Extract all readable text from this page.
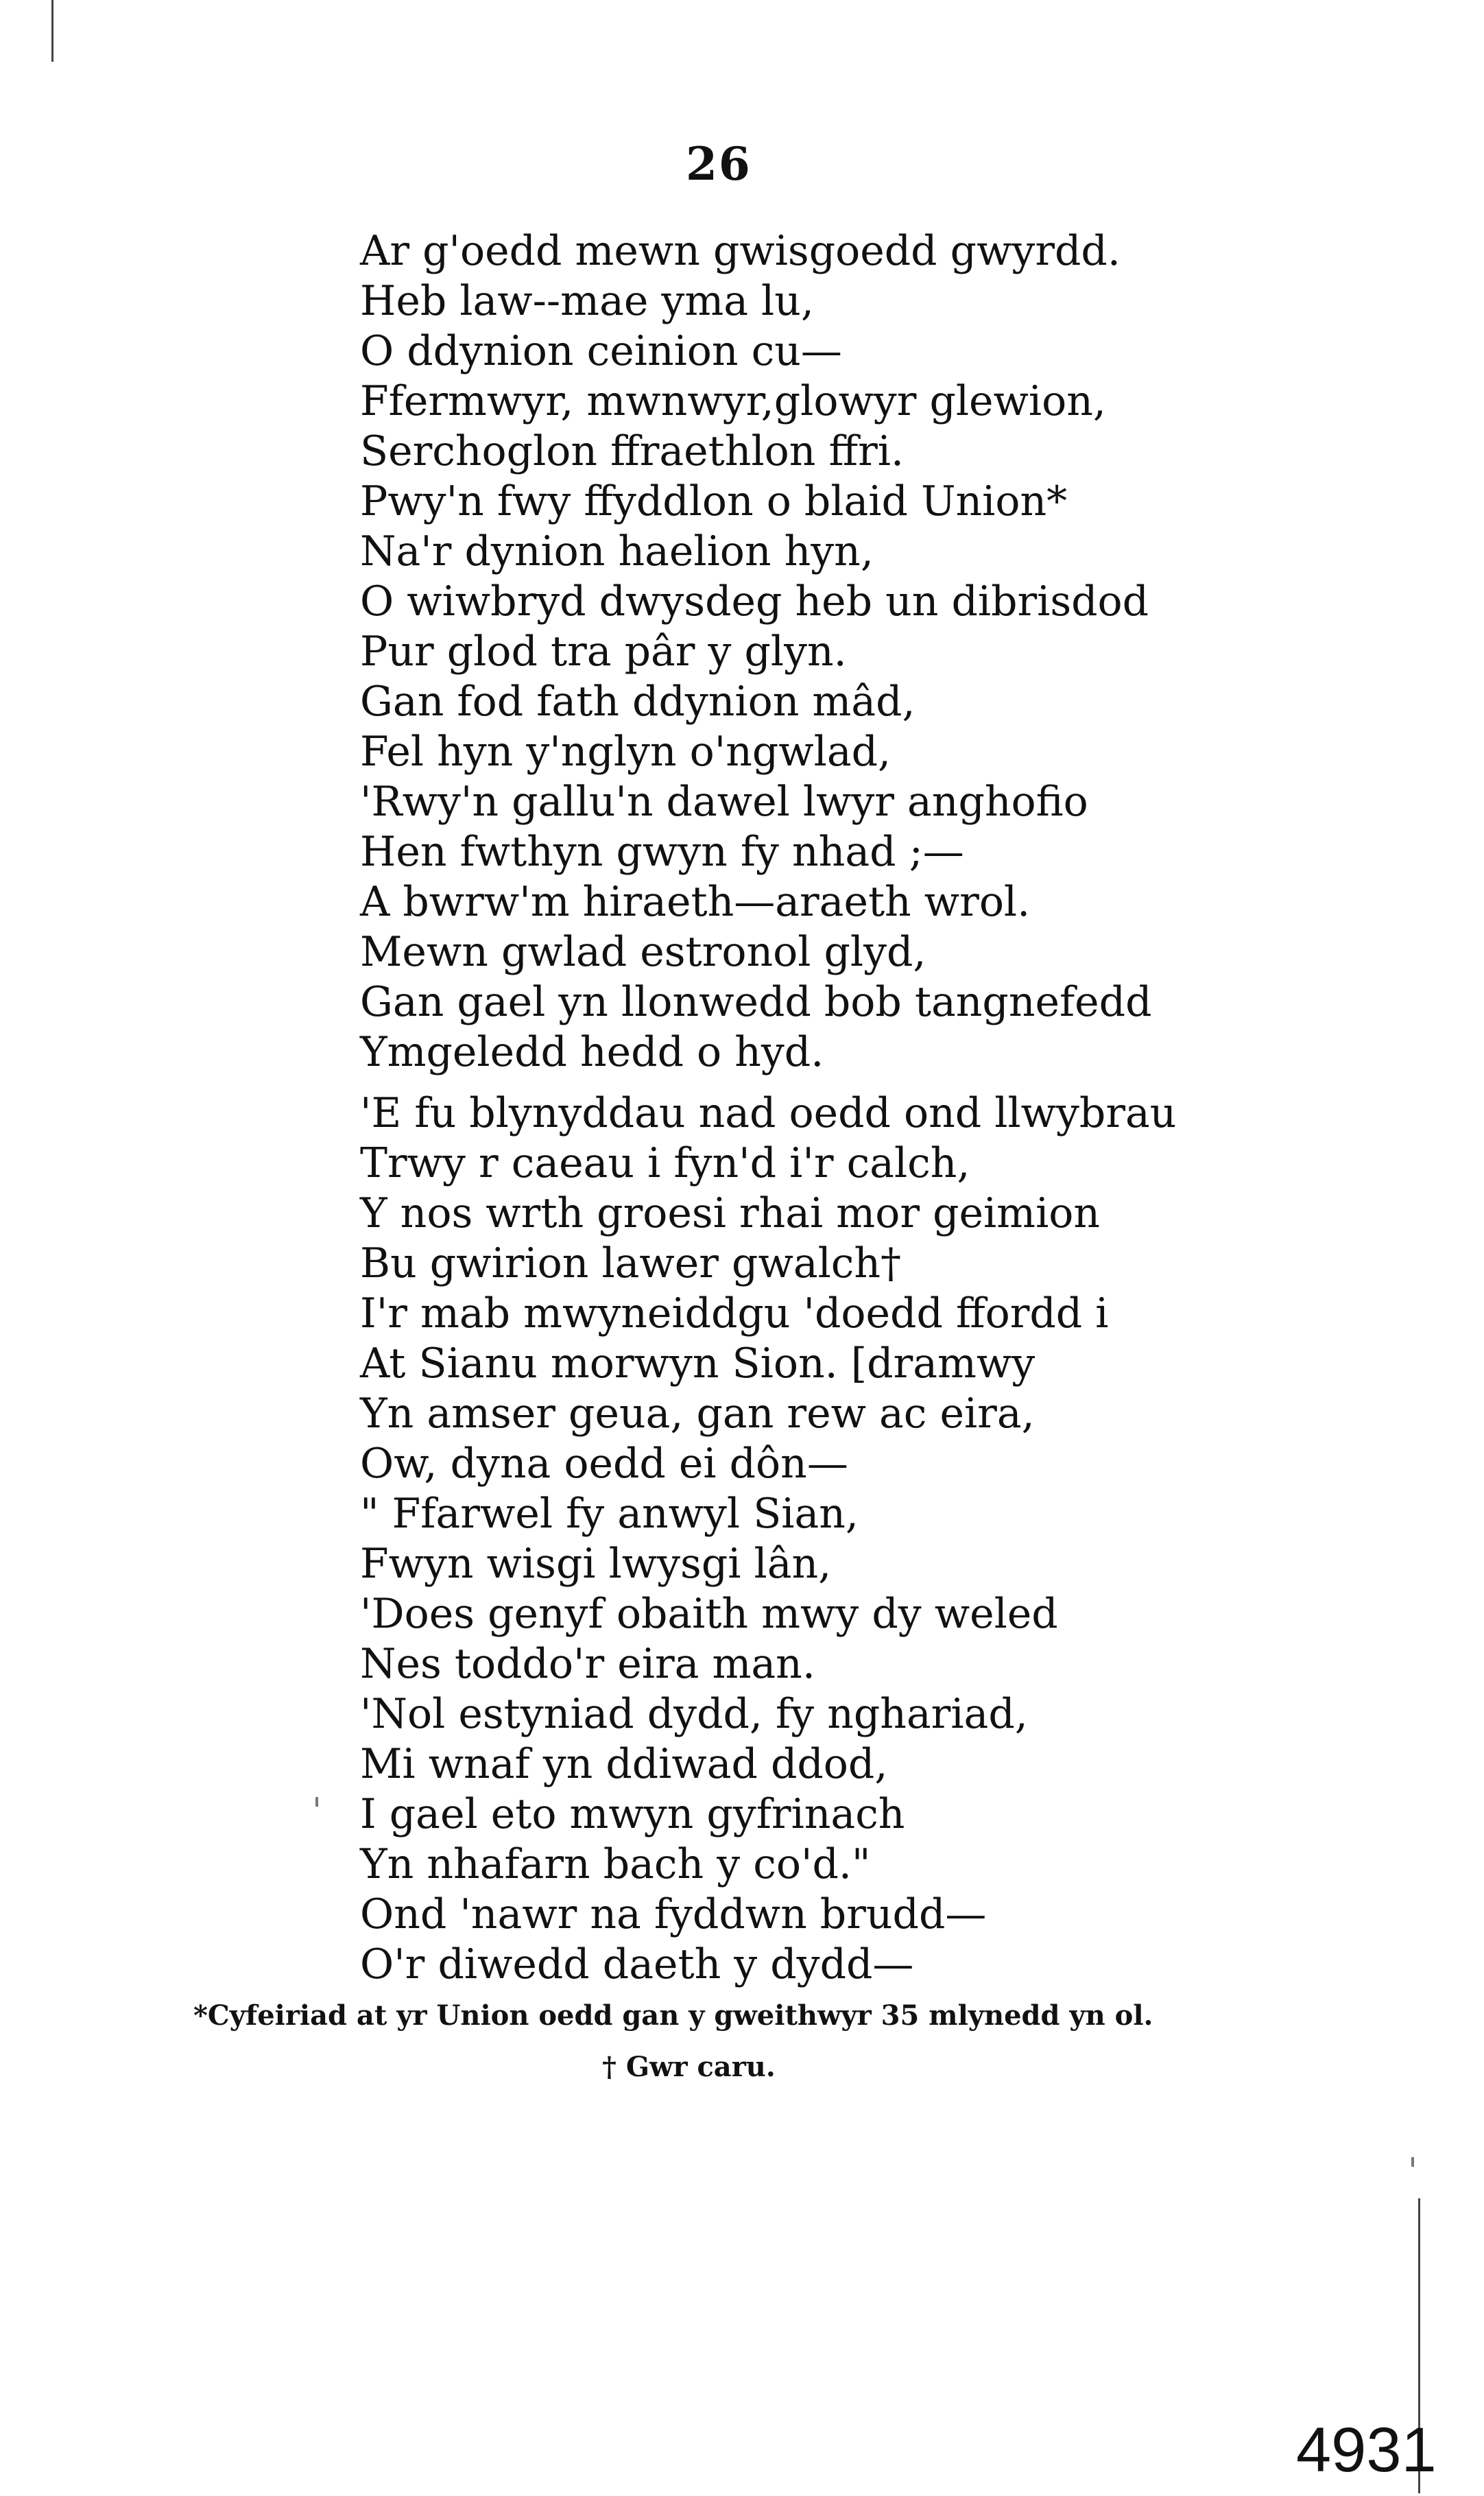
26
Ar g'oedd mewn gwisgoedd gwyrdd.
Heb law--mae yma lu,
O ddynion ceinion cu—
Ffermwyr, mwnwyr,glowyr glewion,
Serchoglon ffraethlon ffri.
Pwy'n fwy ffyddlon o blaid Union*
Na'r dynion haelion hyn,
O wiwbryd dwysdeg heb un dibrisdod
Pur glod tra pâr y glyn.
Gan fod fath ddynion mâd,
Fel hyn y'nglyn o'ngwlad,
'Rwy'n gallu'n dawel lwyr anghofio
Hen fwthyn gwyn fy nhad ;—
A bwrw'm hiraeth—araeth wrol.
Mewn gwlad estronol glyd,
Gan gael yn llonwedd bob tangnefedd
Ymgeledd hedd o hyd.
'E fu blynyddau nad oedd ond llwybrau
Trwy r caeau i fyn'd i'r calch,
Y nos wrth groesi rhai mor geimion
Bu gwirion lawer gwalch†
I'r mab mwyneiddgu 'doedd ffordd i
At Sianu morwyn Sion. [dramwy
Yn amser geua, gan rew ac eira,
Ow, dyna oedd ei dôn—
" Ffarwel fy anwyl Sian,
Fwyn wisgi lwysgi lân,
'Does genyf obaith mwy dy weled
Nes toddo'r eira man.
'Nol estyniad dydd, fy nghariad,
Mi wnaf yn ddiwad ddod,
I gael eto mwyn gyfrinach
Yn nhafarn bach y co'd."
Ond 'nawr na fyddwn brudd—
O'r diwedd daeth y dydd—
*Cyfeiriad at yr Union oedd gan y gweithwyr 35 mlynedd yn ol.
† Gwr caru.
4931
